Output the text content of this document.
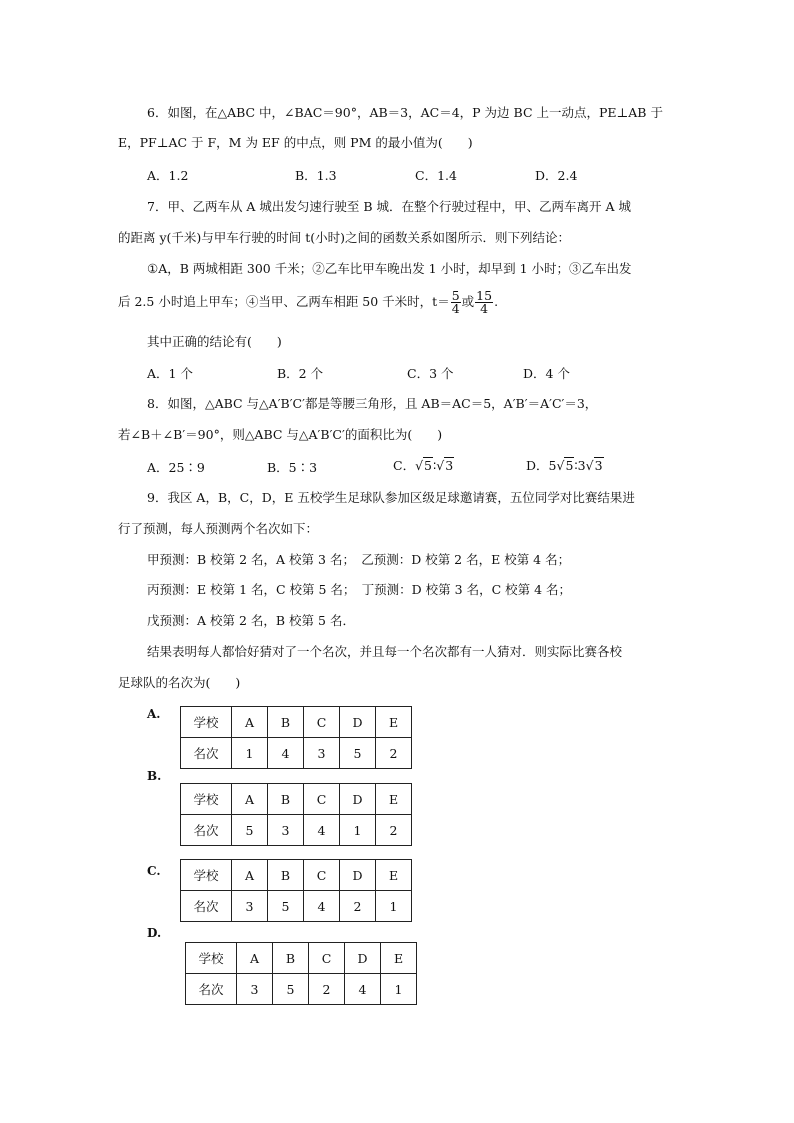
6．如图，在△ABC 中，∠BAC＝90°，AB＝3，AC＝4，P 为边 BC 上一动点，PE⊥AB 于
E，PF⊥AC 于 F，M 为 EF 的中点，则 PM 的最小值为(　　)
A．1.2	B．1.3	C．1.4	D．2.4
7．甲、乙两车从 A 城出发匀速行驶至 B 城．在整个行驶过程中，甲、乙两车离开 A 城
的距离 y(千米)与甲车行驶的时间 t(小时)之间的函数关系如图所示．则下列结论：
①A，B 两城相距 300 千米；②乙车比甲车晚出发 1 小时，却早到 1 小时；③乙车出发
后 2.5 小时追上甲车；④当甲、乙两车相距 50 千米时，$t= \frac{5}{4}$ 或 $\frac{15}{4}$ .
其中正确的结论有(　　)
A．1 个	B．2 个	C．3 个	D．4 个
8．如图，△ABC 与△A′B′C′都是等腰三角形，且 AB＝AC＝5，A′B′＝A′C′＝3，
若∠B＋∠B′＝90°，则△ABC 与△A′B′C′的面积比为(　　)
A．25∶9	B．5∶3	C．√5∶√3	D．5√5∶3√3
9．我区 A，B，C，D，E 五校学生足球队参加区级足球邀请赛，五位同学对比赛结果进
行了预测，每人预测两个名次如下：
甲预测：B 校第 2 名，A 校第 3 名；　乙预测：D 校第 2 名，E 校第 4 名；
丙预测：E 校第 1 名，C 校第 5 名；　丁预测：D 校第 3 名，C 校第 4 名；
戊预测：A 校第 2 名，B 校第 5 名．
结果表明每人都恰好猜对了一个名次，并且每一个名次都有一人猜对．则实际比赛各校
足球队的名次为(　　)
A.
学校	A	B	C	D	E
名次	1	4	3	5	2
B.
学校	A	B	C	D	E
名次	5	3	4	1	2
C.	学校	A	B	C	D	E
名次	3	5	4	2	1
D.
学校	A	B	C	D	E
名次	3	5	2	4	1
